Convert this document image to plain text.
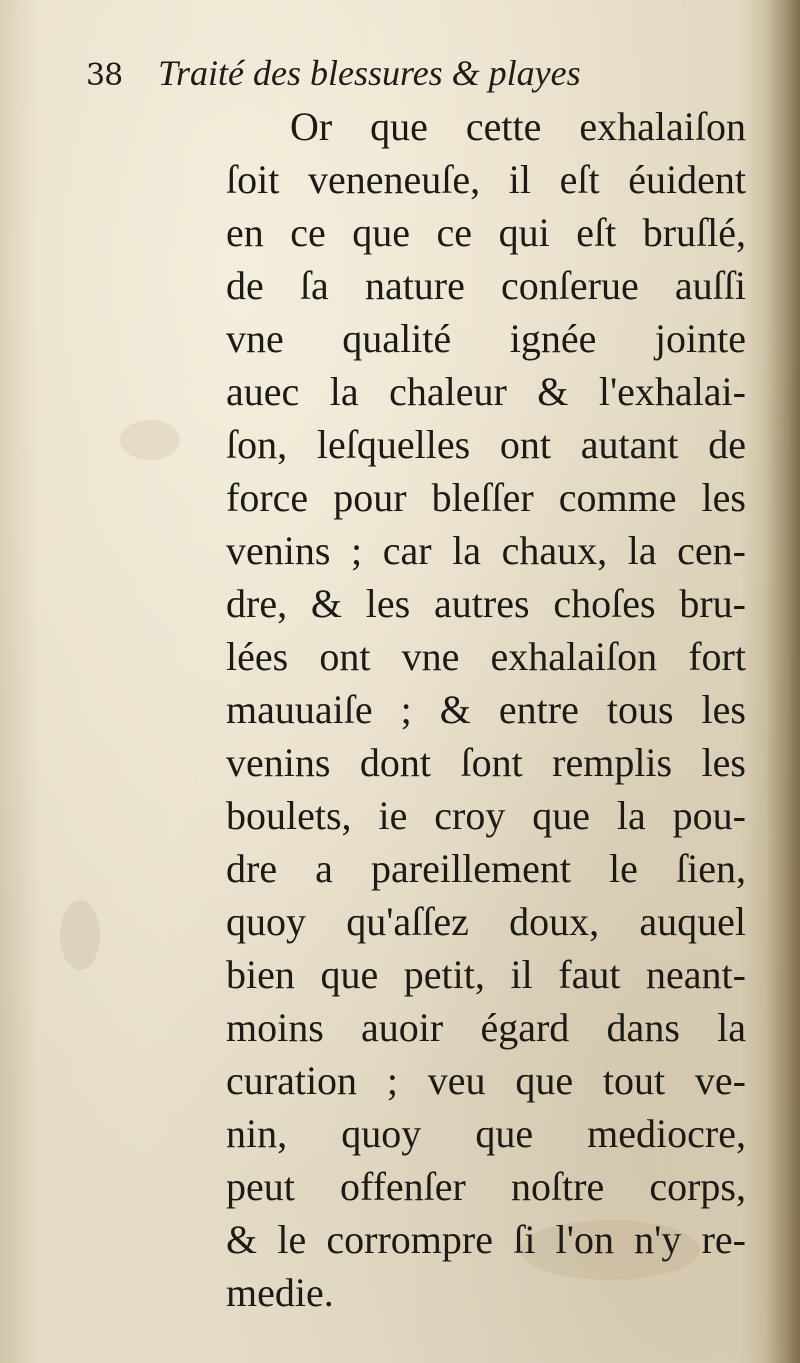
38 Traité des blessures & playes
Or que cette exhalaiſon
ſoit veneneuſe, il eſt éuident
en ce que ce qui eſt bruſlé,
de ſa nature conſerue auſſi
vne qualité ignée jointe
auec la chaleur & l'exhalai-
ſon, leſquelles ont autant de
force pour bleſſer comme les
venins ; car la chaux, la cen-
dre, & les autres choſes bru-
lées ont vne exhalaiſon fort
mauuaiſe ; & entre tous les
venins dont ſont remplis les
boulets, ie croy que la pou-
dre a pareillement le ſien,
quoy qu'aſſez doux, auquel
bien que petit, il faut neant-
moins auoir égard dans la
curation ; veu que tout ve-
nin, quoy que mediocre,
peut offenſer noſtre corps,
& le corrompre ſi l'on n'y re-
medie.
